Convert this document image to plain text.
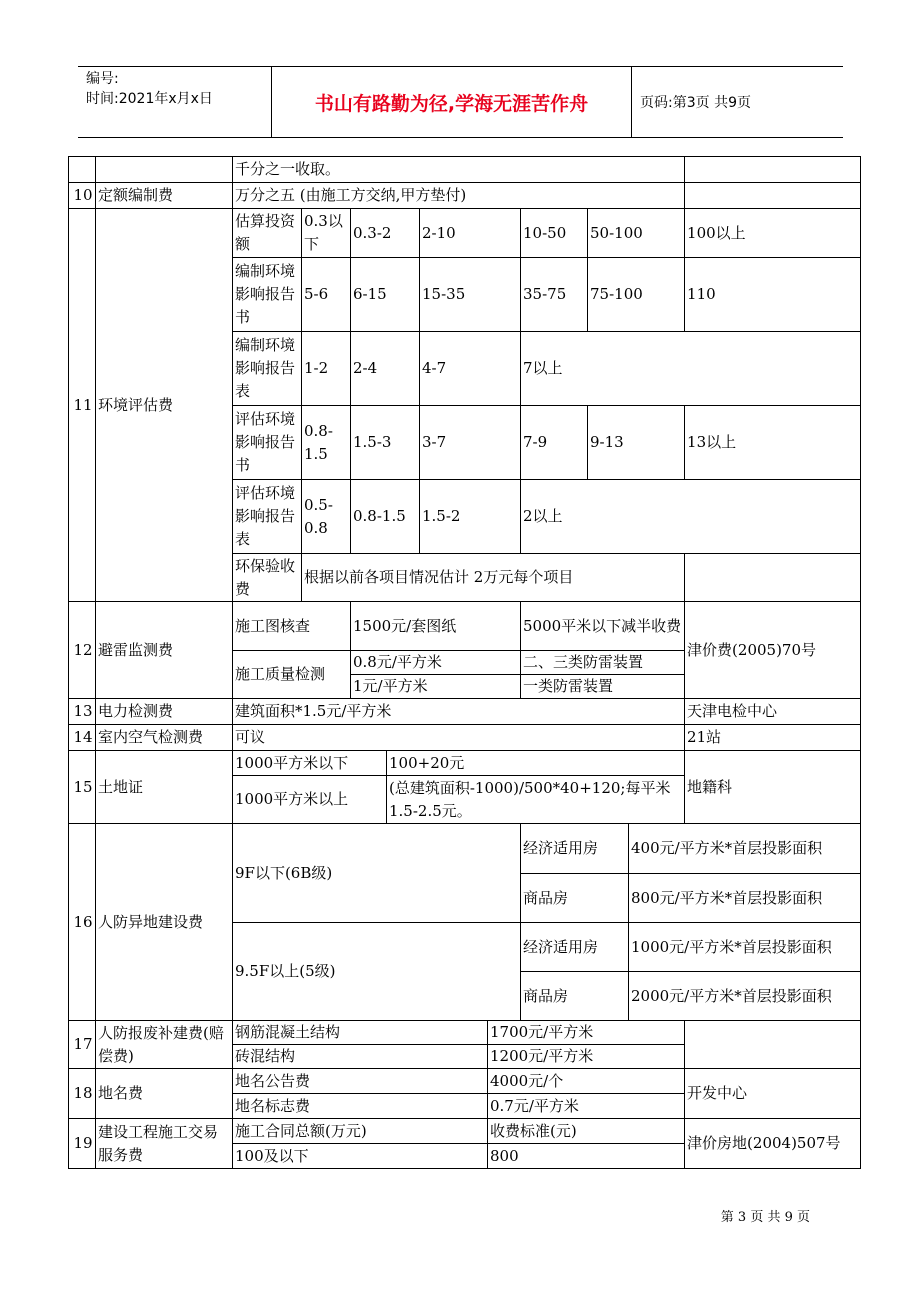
编号:
时间:2021年x月x日	书山有路勤为径,学海无涯苦作舟	页码:第3页 共9页
		千分之一收取。										
10	定额编制费	万分之五 (由施工方交纳,甲方垫付)										
11	环境评估费	估算投资额	0.3以下	0.3-2		2-10		10-50	50-100		100以上	
		编制环境影响报告书	5-6	6-15		15-35		35-75	75-100		110	
		编制环境影响报告表	1-2	2-4		4-7		7以上				
		评估环境影响报告书	0.8-1.5	1.5-3		3-7		7-9	9-13		13以上	
		评估环境影响报告表	0.5-0.8	0.8-1.5		1.5-2		2以上				
		环保验收费	根据以前各项目情况估计 2万元每个项目									
12	避雷监测费	施工图核查		1500元/套图纸				5000平米以下减半收费			津价费(2005)70号	
		施工质量检测		0.8元/平方米				二、三类防雷装置				
				1元/平方米				一类防雷装置				
13	电力检测费	建筑面积*1.5元/平方米									天津电检中心	
14	室内空气检测费	可议									21站	
15	土地证	1000平方米以下			100+20元						地籍科	
		1000平方米以上			(总建筑面积-1000)/500*40+120;每平米1.5-2.5元。							
16	人防异地建设费	9F以下(6B级)						经济适用房		400元/平方米*首层投影面积		
								商品房		800元/平方米*首层投影面积		
		9.5F以上(5级)						经济适用房		1000元/平方米*首层投影面积		
								商品房		2000元/平方米*首层投影面积		
17	人防报废补建费(赔偿费)	钢筋混凝土结构					1700元/平方米					
		砖混结构					1200元/平方米					
18	地名费	地名公告费					4000元/个				开发中心	
		地名标志费					0.7元/平方米					
19	建设工程施工交易服务费	施工合同总额(万元)					收费标准(元)				津价房地(2004)507号	
		100及以下					800					
第 3 页 共 9 页
